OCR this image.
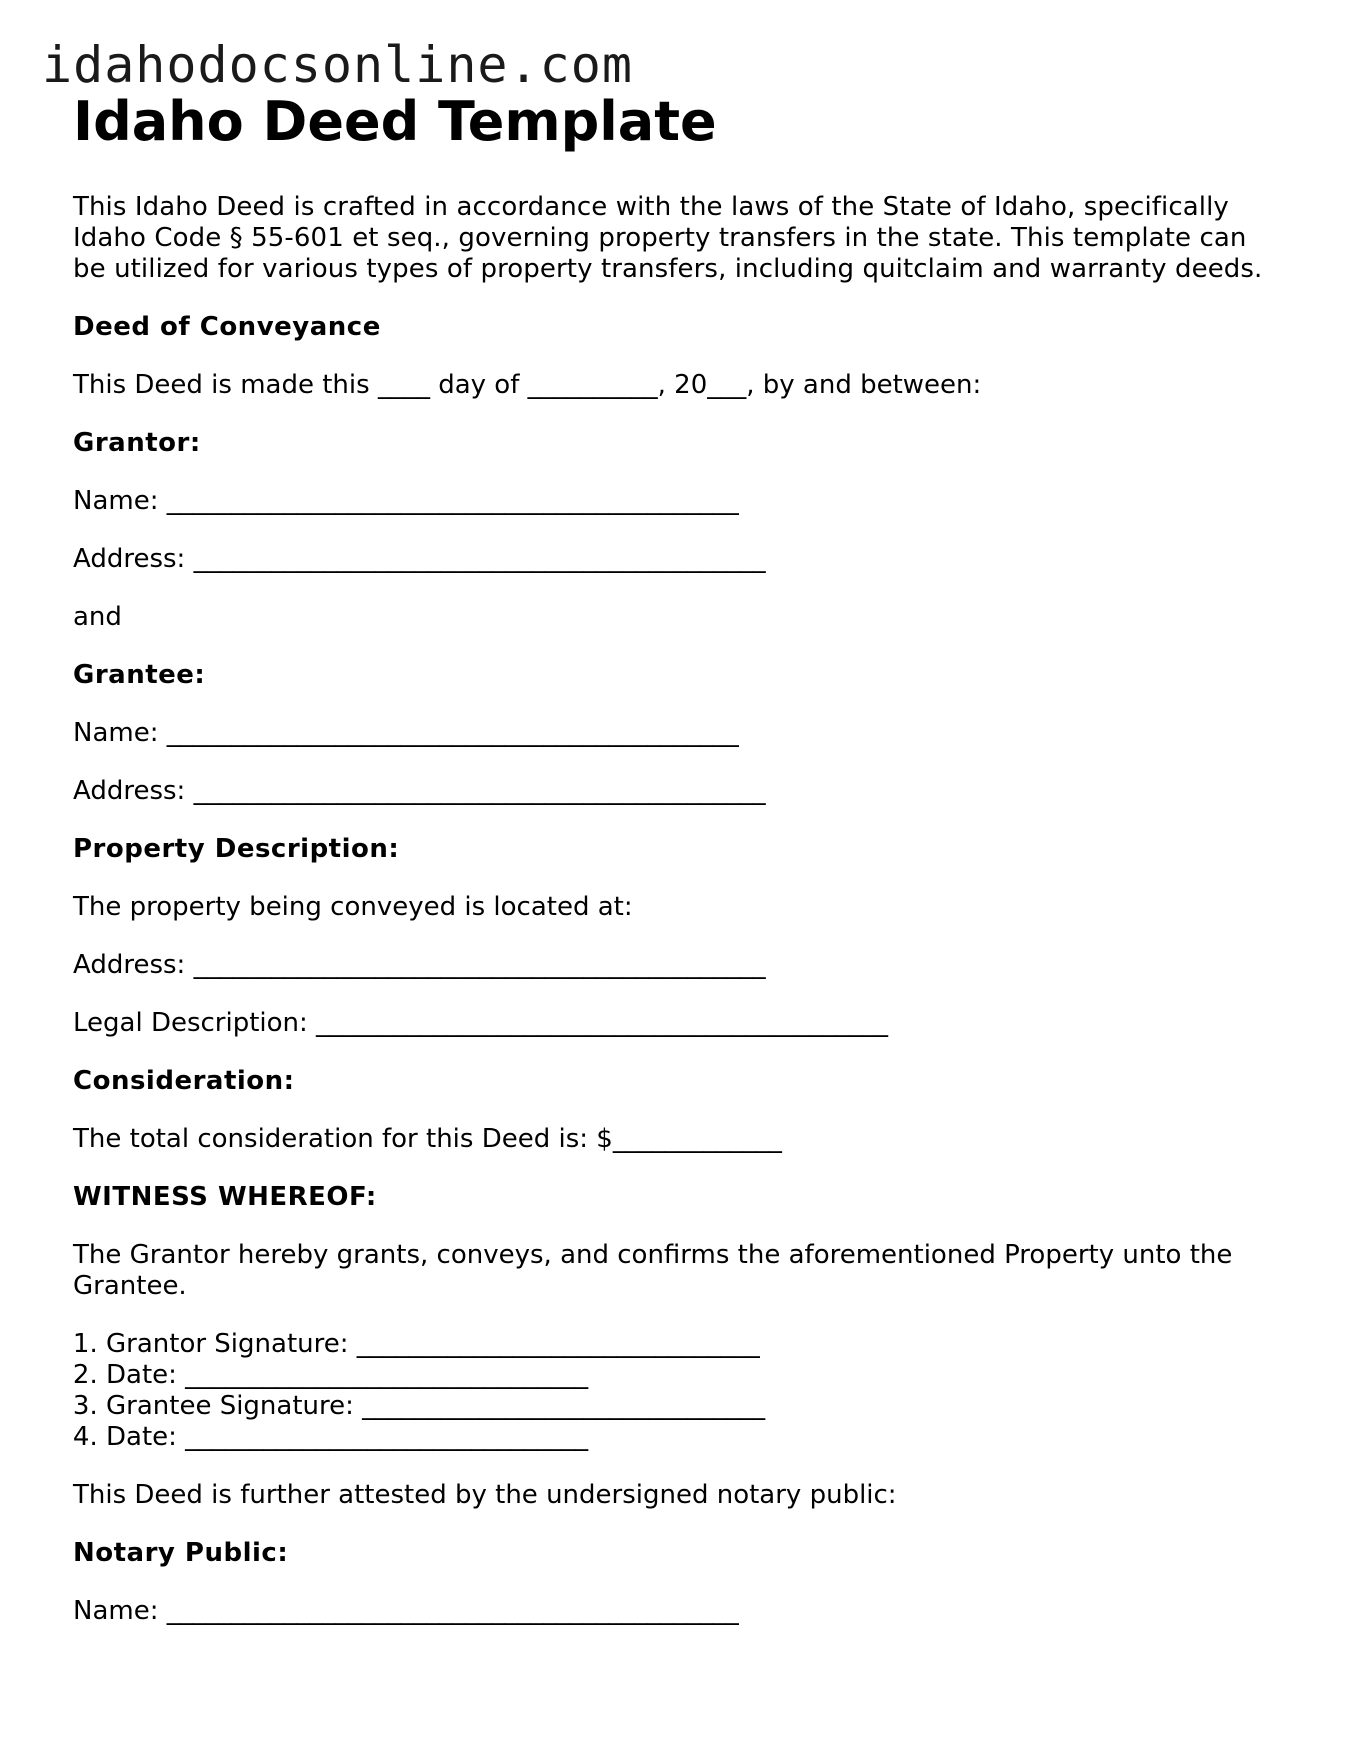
idahodocsonline.com
Idaho Deed Template

This Idaho Deed is crafted in accordance with the laws of the State of Idaho, specifically Idaho Code § 55-601 et seq., governing property transfers in the state. This template can be utilized for various types of property transfers, including quitclaim and warranty deeds.

Deed of Conveyance

This Deed is made this ____ day of __________, 20___, by and between:

Grantor:

Name: ____________________________________________

Address: ____________________________________________

and

Grantee:

Name: ____________________________________________

Address: ____________________________________________

Property Description:

The property being conveyed is located at:

Address: ____________________________________________

Legal Description: ____________________________________________

Consideration:

The total consideration for this Deed is: $_____________

WITNESS WHEREOF:

The Grantor hereby grants, conveys, and confirms the aforementioned Property unto the Grantee.

1. Grantor Signature: _______________________________
2. Date: _______________________________
3. Grantee Signature: _______________________________
4. Date: _______________________________

This Deed is further attested by the undersigned notary public:

Notary Public:

Name: ____________________________________________
